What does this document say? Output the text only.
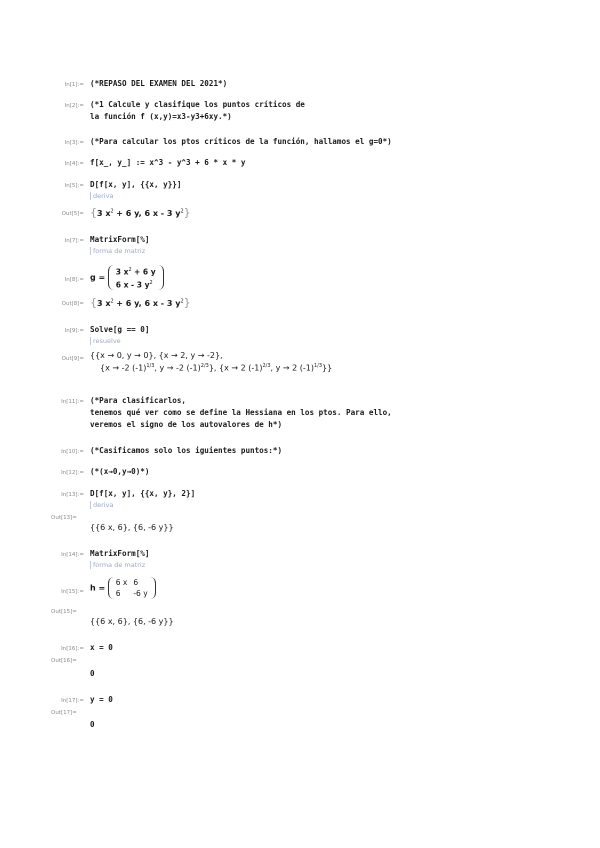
In[1]:= (*REPASO DEL EXAMEN DEL 2021*)
In[2]:= (*1 Calcule y clasifique los puntos críticos de
la función f (x,y)=x3-y3+6xy.*)
In[3]:= (*Para calcular los ptos críticos de la función, hallamos el g=0*)
In[4]:= f[x_, y_] := x^3 - y^3 + 6 * x * y
In[5]:= D[f[x, y], {{x, y}}]
deriva
Out[5]= {3 $x^2 + 6$ y, 6 x - 3 $y^2$}
In[7]:= MatrixForm[%]
forma de matriz
In[8]:= g =
3 $x^2 + 6$ y
6 x - 3 $y^2$
Out[8]= {3 $x^2 + 6$ y, 6 x - 3 $y^2$}
In[9]:= Solve[g == 0]
resuelve
Out[9]= {{x → 0, y → 0}, {x → 2, y → -2},
{x → -2 $(-1)^{1/3}$, y → -2 $(-1)^{2/3}$}, {x → 2 $(-1)^{2/3}$, y → 2 $(-1)^{1/3}$}}
In[11]:= (*Para clasificarlos,
tenemos qué ver como se define la Hessiana en los ptos. Para ello,
veremos el signo de los autovalores de h*)
In[10]:= (*Casificamos solo los iguientes puntos:*)
In[12]:= (*(x→0,y→0)*)
In[13]:= D[f[x, y], {{x, y}, 2}]
deriva
Out[13]=
{{6 x, 6}, {6, -6 y}}
In[14]:= MatrixForm[%]
forma de matriz
In[15]:= h =
6 x	6
6	-6 y
Out[15]=
{{6 x, 6}, {6, -6 y}}
In[16]:= x = 0
Out[16]=
0
In[17]:= y = 0
Out[17]=
0
